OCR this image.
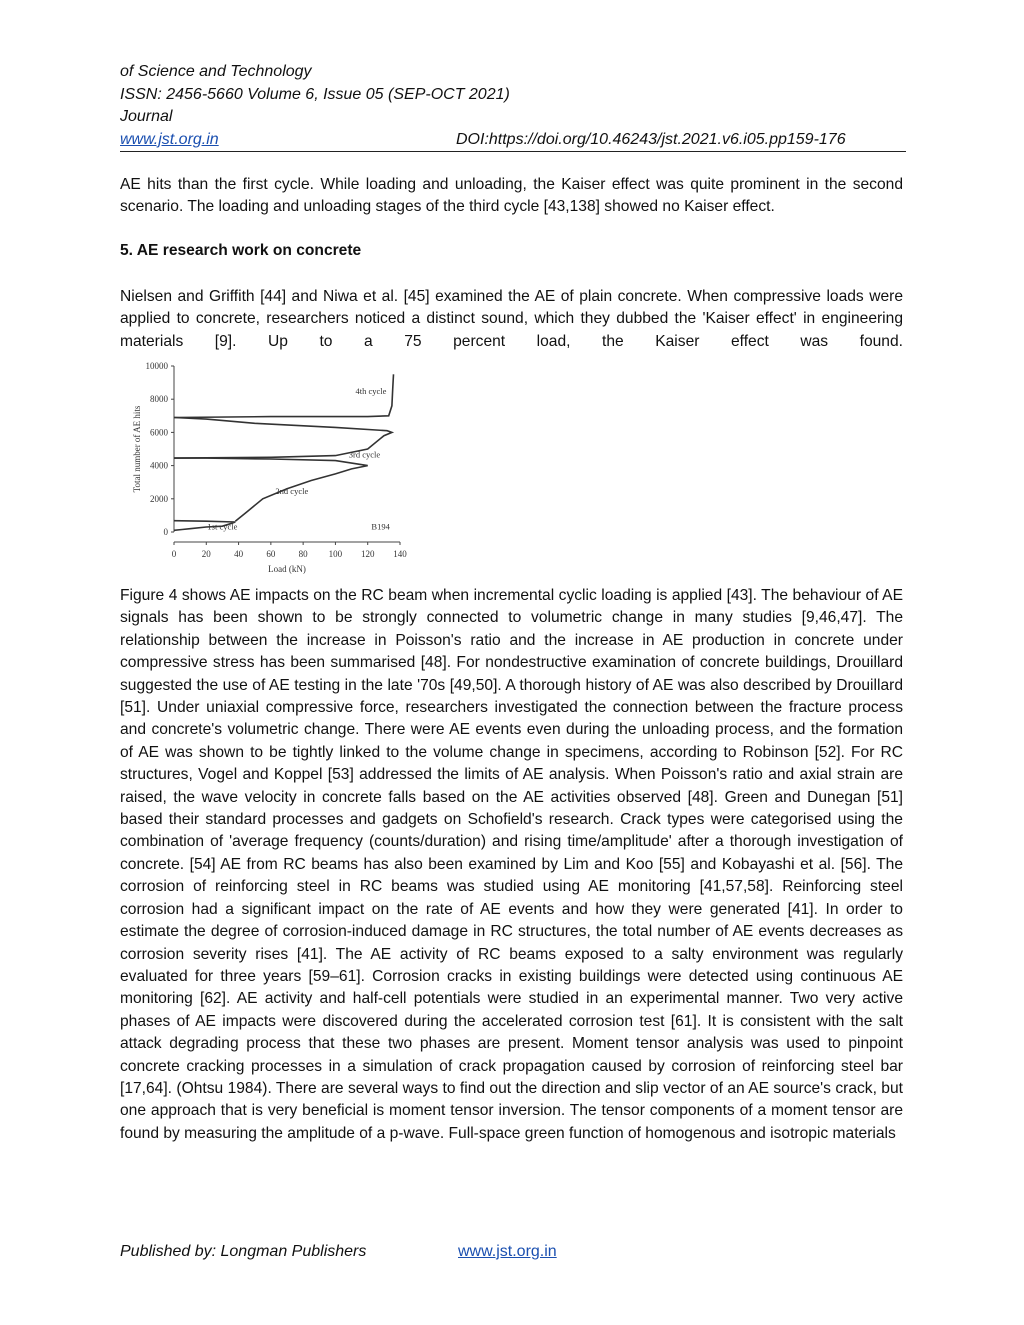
of Science and Technology
ISSN: 2456-5660 Volume 6, Issue 05 (SEP-OCT 2021)
Journal
www.jst.org.in	DOI:https://doi.org/10.46243/jst.2021.v6.i05.pp159-176

AE hits than the first cycle. While loading and unloading, the Kaiser effect was quite prominent in the second scenario. The loading and unloading stages of the third cycle [43,138] showed no Kaiser effect.

5. AE research work on concrete

Nielsen and Griffith [44] and Niwa et al. [45] examined the AE of plain concrete. When compressive loads were applied to concrete, researchers noticed a distinct sound, which they dubbed the 'Kaiser effect' in engineering materials [9]. Up to a 75 percent load, the Kaiser effect was found.

0
2000
4000
6000
8000
10000
0	20	40	60	80 100 120 140
Load (kN)
Total number of AE hits
4th cycle
3rd cycle
2nd cycle
1st cycle	B194

Figure 4 shows AE impacts on the RC beam when incremental cyclic loading is applied [43]. The behaviour of AE signals has been shown to be strongly connected to volumetric change in many studies [9,46,47]. The relationship between the increase in Poisson's ratio and the increase in AE production in concrete under compressive stress has been summarised [48]. For nondestructive examination of concrete buildings, Drouillard suggested the use of AE testing in the late '70s [49,50]. A thorough history of AE was also described by Drouillard [51]. Under uniaxial compressive force, researchers investigated the connection between the fracture process and concrete's volumetric change. There were AE events even during the unloading process, and the formation of AE was shown to be tightly linked to the volume change in specimens, according to Robinson [52]. For RC structures, Vogel and Koppel [53] addressed the limits of AE analysis. When Poisson's ratio and axial strain are raised, the wave velocity in concrete falls based on the AE activities observed [48]. Green and Dunegan [51] based their standard processes and gadgets on Schofield's research. Crack types were categorised using the combination of 'average frequency (counts/duration) and rising time/amplitude' after a thorough investigation of concrete. [54] AE from RC beams has also been examined by Lim and Koo [55] and Kobayashi et al. [56]. The corrosion of reinforcing steel in RC beams was studied using AE monitoring [41,57,58]. Reinforcing steel corrosion had a significant impact on the rate of AE events and how they were generated [41]. In order to estimate the degree of corrosion-induced damage in RC structures, the total number of AE events decreases as corrosion severity rises [41]. The AE activity of RC beams exposed to a salty environment was regularly evaluated for three years [59–61]. Corrosion cracks in existing buildings were detected using continuous AE monitoring [62]. AE activity and half-cell potentials were studied in an experimental manner. Two very active phases of AE impacts were discovered during the accelerated corrosion test [61]. It is consistent with the salt attack degrading process that these two phases are present. Moment tensor analysis was used to pinpoint concrete cracking processes in a simulation of crack propagation caused by corrosion of reinforcing steel bar [17,64]. (Ohtsu 1984). There are several ways to find out the direction and slip vector of an AE source's crack, but one approach that is very beneficial is moment tensor inversion. The tensor components of a moment tensor are found by measuring the amplitude of a p-wave. Full-space green function of homogenous and isotropic materials

Published by: Longman Publishers	www.jst.org.in
